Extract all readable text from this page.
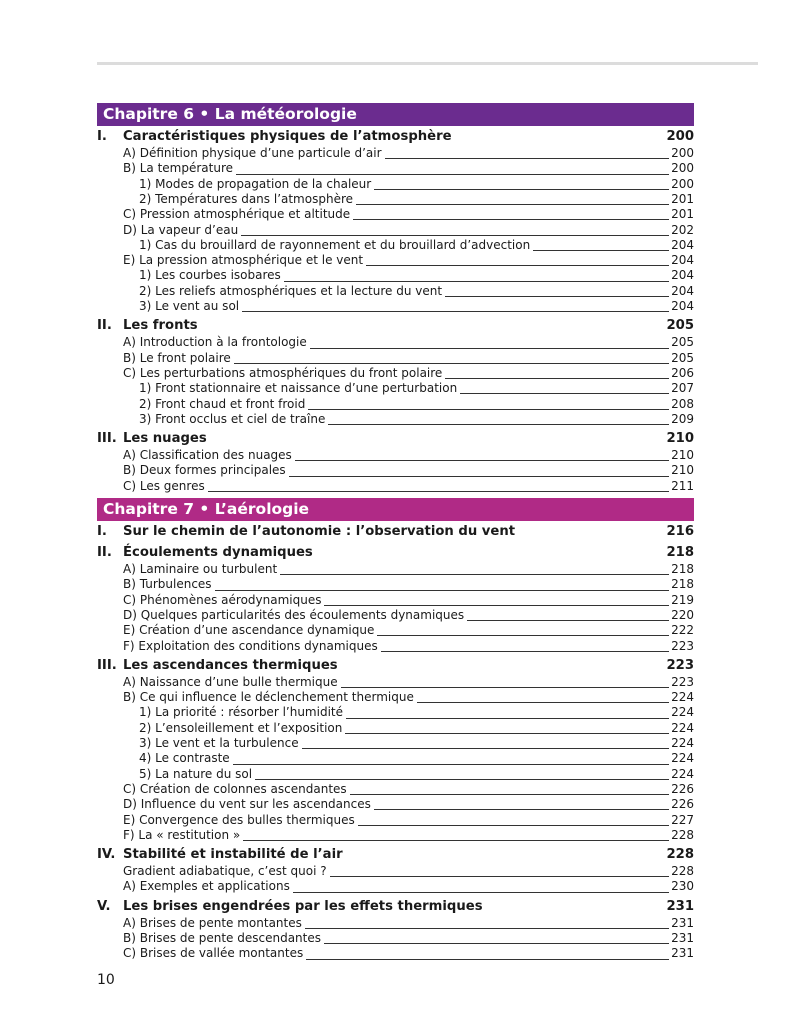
Chapitre 6 • La météorologie
I. Caractéristiques physiques de l’atmosphère	200
A) Définition physique d’une particule d’air	200
B) La température	200
1) Modes de propagation de la chaleur	200
2) Températures dans l’atmosphère	201
C) Pression atmosphérique et altitude	201
D) La vapeur d’eau	202
1) Cas du brouillard de rayonnement et du brouillard d’advection	204
E) La pression atmosphérique et le vent	204
1) Les courbes isobares	204
2) Les reliefs atmosphériques et la lecture du vent	204
3) Le vent au sol	204
II. Les fronts	205
A) Introduction à la frontologie	205
B) Le front polaire	205
C) Les perturbations atmosphériques du front polaire	206
1) Front stationnaire et naissance d’une perturbation	207
2) Front chaud et front froid	208
3) Front occlus et ciel de traîne	209
III. Les nuages	210
A) Classification des nuages	210
B) Deux formes principales	210
C) Les genres	211
Chapitre 7 • L’aérologie
I. Sur le chemin de l’autonomie : l’observation du vent	216
II. Écoulements dynamiques	218
A) Laminaire ou turbulent	218
B) Turbulences	218
C) Phénomènes aérodynamiques	219
D) Quelques particularités des écoulements dynamiques	220
E) Création d’une ascendance dynamique	222
F) Exploitation des conditions dynamiques	223
III. Les ascendances thermiques	223
A) Naissance d’une bulle thermique	223
B) Ce qui influence le déclenchement thermique	224
1) La priorité : résorber l’humidité	224
2) L’ensoleillement et l’exposition	224
3) Le vent et la turbulence	224
4) Le contraste	224
5) La nature du sol	224
C) Création de colonnes ascendantes	226
D) Influence du vent sur les ascendances	226
E) Convergence des bulles thermiques	227
F) La « restitution »	228
IV. Stabilité et instabilité de l’air	228
Gradient adiabatique, c’est quoi ?	228
A) Exemples et applications	230
V. Les brises engendrées par les effets thermiques	231
A) Brises de pente montantes	231
B) Brises de pente descendantes	231
C) Brises de vallée montantes	231
10
